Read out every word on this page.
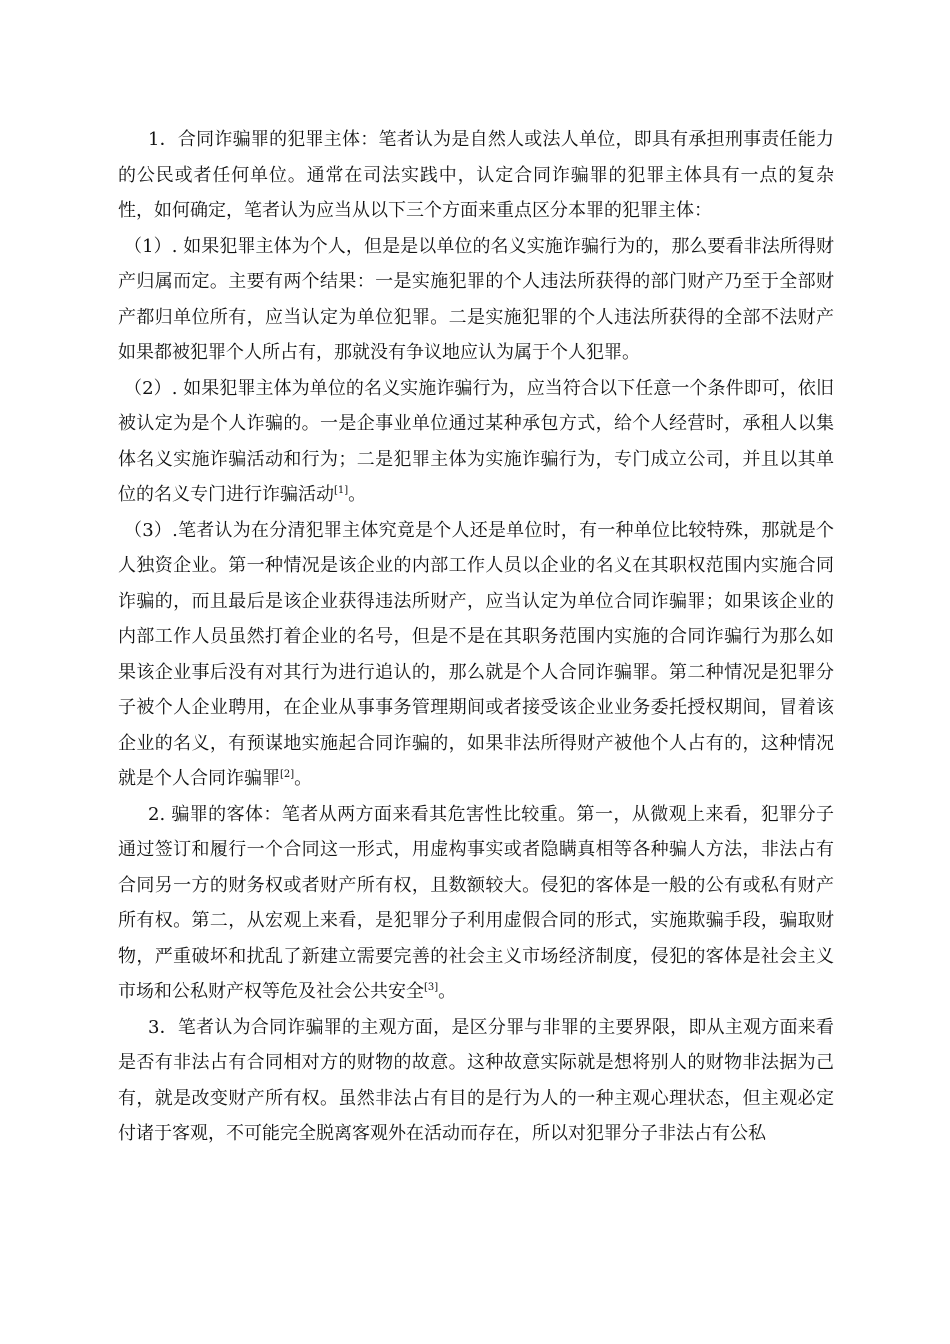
1．合同诈骗罪的犯罪主体：笔者认为是自然人或法人单位，即具有承担刑事责任能力的公民或者任何单位。通常在司法实践中，认定合同诈骗罪的犯罪主体具有一点的复杂性，如何确定，笔者认为应当从以下三个方面来重点区分本罪的犯罪主体：

（1）. 如果犯罪主体为个人，但是是以单位的名义实施诈骗行为的，那么要看非法所得财产归属而定。主要有两个结果：一是实施犯罪的个人违法所获得的部门财产乃至于全部财产都归单位所有，应当认定为单位犯罪。二是实施犯罪的个人违法所获得的全部不法财产如果都被犯罪个人所占有，那就没有争议地应认为属于个人犯罪。

（2）. 如果犯罪主体为单位的名义实施诈骗行为，应当符合以下任意一个条件即可，依旧被认定为是个人诈骗的。一是企事业单位通过某种承包方式，给个人经营时，承租人以集体名义实施诈骗活动和行为；二是犯罪主体为实施诈骗行为，专门成立公司，并且以其单位的名义专门进行诈骗活动[1]。

（3）.笔者认为在分清犯罪主体究竟是个人还是单位时，有一种单位比较特殊，那就是个人独资企业。第一种情况是该企业的内部工作人员以企业的名义在其职权范围内实施合同诈骗的，而且最后是该企业获得违法所财产，应当认定为单位合同诈骗罪；如果该企业的内部工作人员虽然打着企业的名号，但是不是在其职务范围内实施的合同诈骗行为那么如果该企业事后没有对其行为进行追认的，那么就是个人合同诈骗罪。第二种情况是犯罪分子被个人企业聘用，在企业从事事务管理期间或者接受该企业业务委托授权期间，冒着该企业的名义，有预谋地实施起合同诈骗的，如果非法所得财产被他个人占有的，这种情况就是个人合同诈骗罪[2]。

2. 骗罪的客体：笔者从两方面来看其危害性比较重。第一，从微观上来看，犯罪分子通过签订和履行一个合同这一形式，用虚构事实或者隐瞒真相等各种骗人方法，非法占有合同另一方的财务权或者财产所有权，且数额较大。侵犯的客体是一般的公有或私有财产所有权。第二，从宏观上来看，是犯罪分子利用虚假合同的形式，实施欺骗手段，骗取财物，严重破坏和扰乱了新建立需要完善的社会主义市场经济制度，侵犯的客体是社会主义市场和公私财产权等危及社会公共安全[3]。

3．笔者认为合同诈骗罪的主观方面，是区分罪与非罪的主要界限，即从主观方面来看是否有非法占有合同相对方的财物的故意。这种故意实际就是想将别人的财物非法据为己有，就是改变财产所有权。虽然非法占有目的是行为人的一种主观心理状态，但主观必定付诸于客观，不可能完全脱离客观外在活动而存在，所以对犯罪分子非法占有公私
